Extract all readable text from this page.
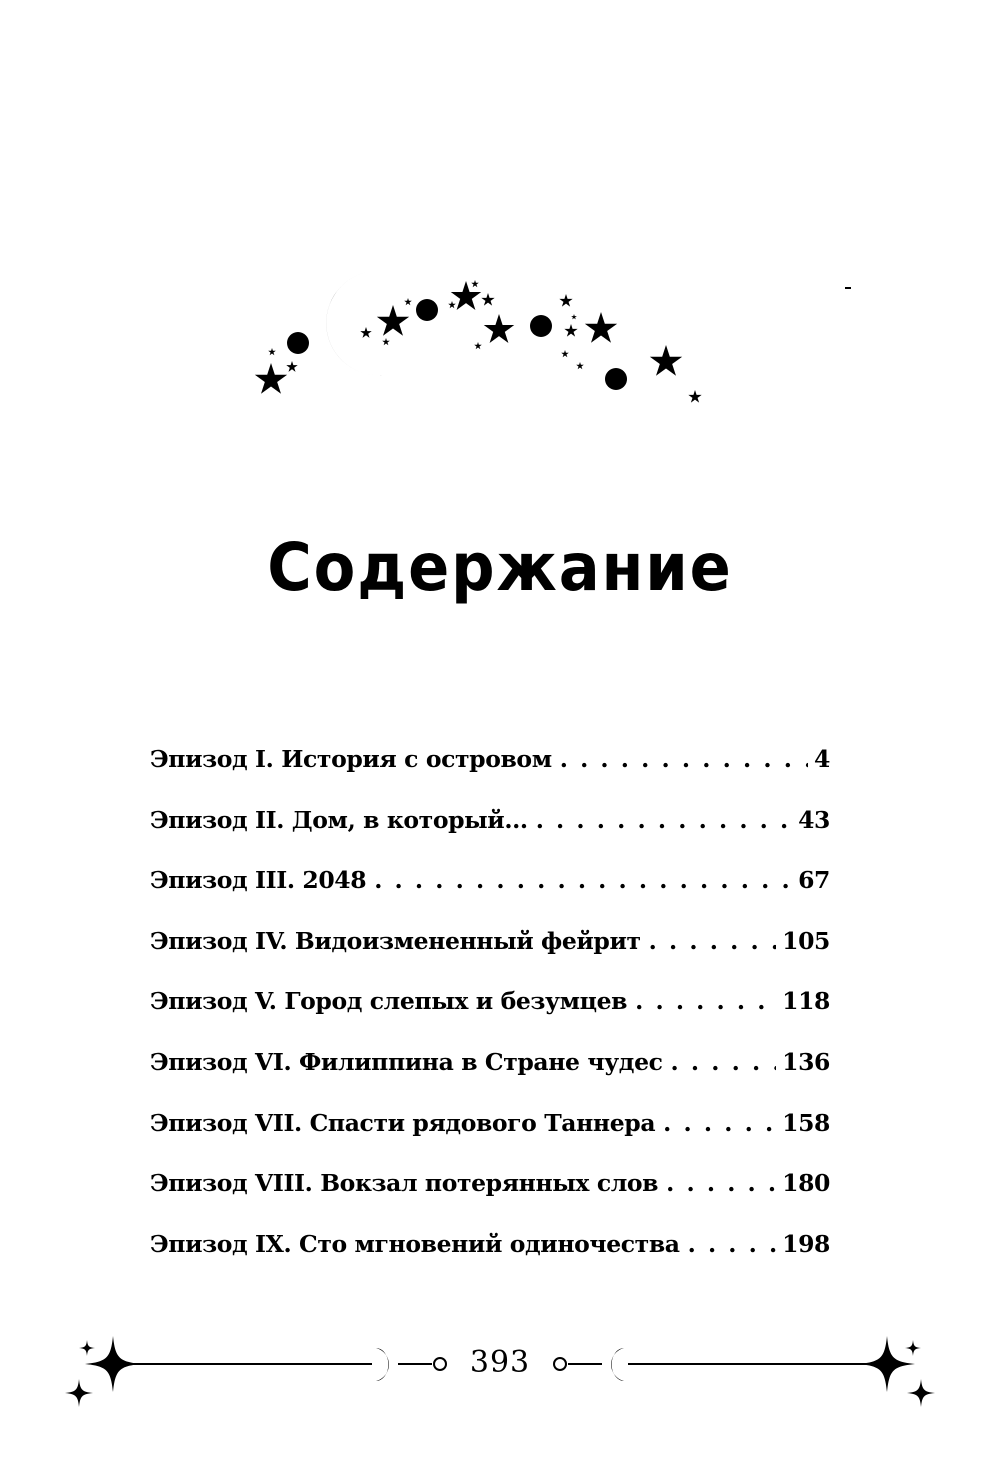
Содержание
Эпизод I. История с островом . . .	4
Эпизод II. Дом, в который... . . .	43
Эпизод III. 2048 . . .	67
Эпизод IV. Видоизмененный фейрит . . .	105
Эпизод V. Город слепых и безумцев . . .	118
Эпизод VI. Филиппина в Стране чудес . . .	136
Эпизод VII. Спасти рядового Таннера . . .	158
Эпизод VIII. Вокзал потерянных слов . . .	180
Эпизод IX. Сто мгновений одиночества . . .	198
393
